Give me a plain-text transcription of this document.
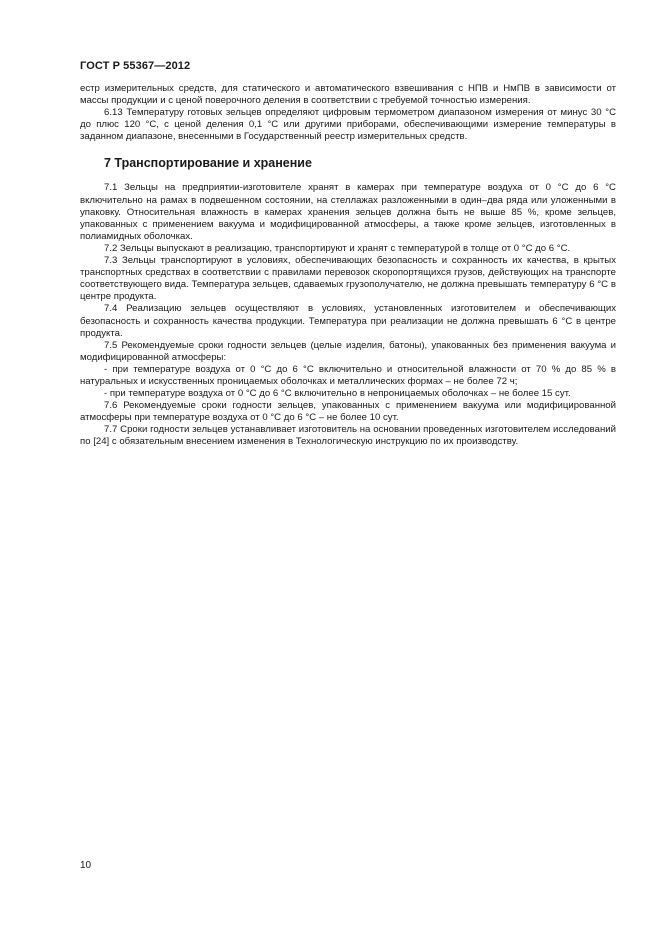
ГОСТ Р 55367—2012

естр измерительных средств, для статического и автоматического взвешивания с НПВ и НмПВ в зависимости от массы продукции и с ценой поверочного деления в соответствии с требуемой точностью измерения.

6.13 Температуру готовых зельцев определяют цифровым термометром диапазоном измерения от минус 30 °С до плюс 120 °С, с ценой деления 0,1 °С или другими приборами, обеспечивающими измерение температуры в заданном диапазоне, внесенными в Государственный реестр измерительных средств.

7 Транспортирование и хранение

7.1 Зельцы на предприятии-изготовителе хранят в камерах при температуре воздуха от 0 °С до 6 °С включительно на рамах в подвешенном состоянии, на стеллажах разложенными в один–два ряда или уложенными в упаковку. Относительная влажность в камерах хранения зельцев должна быть не выше 85 %, кроме зельцев, упакованных с применением вакуума и модифицированной атмосферы, а также кроме зельцев, изготовленных в полиамидных оболочках.

7.2 Зельцы выпускают в реализацию, транспортируют и хранят с температурой в толще от 0 °С до 6 °С.

7.3 Зельцы транспортируют в условиях, обеспечивающих безопасность и сохранность их качества, в крытых транспортных средствах в соответствии с правилами перевозок скоропортящихся грузов, действующих на транспорте соответствующего вида. Температура зельцев, сдаваемых грузополучателю, не должна превышать температуру 6 °С в центре продукта.

7.4 Реализацию зельцев осуществляют в условиях, установленных изготовителем и обеспечивающих безопасность и сохранность качества продукции. Температура при реализации не должна превышать 6 °С в центре продукта.

7.5 Рекомендуемые сроки годности зельцев (целые изделия, батоны), упакованных без применения вакуума и модифицированной атмосферы:

- при температуре воздуха от 0 °С до 6 °С включительно и относительной влажности от 70 % до 85 % в натуральных и искусственных проницаемых оболочках и металлических формах – не более 72 ч;

- при температуре воздуха от 0 °С до 6 °С включительно в непроницаемых оболочках – не более 15 сут.

7.6 Рекомендуемые сроки годности зельцев, упакованных с применением вакуума или модифицированной атмосферы при температуре воздуха от 0 °С до 6 °С – не более 10 сут.

7.7 Сроки годности зельцев устанавливает изготовитель на основании проведенных изготовителем исследований по [24] с обязательным внесением изменения в Технологическую инструкцию по их производству.

10
